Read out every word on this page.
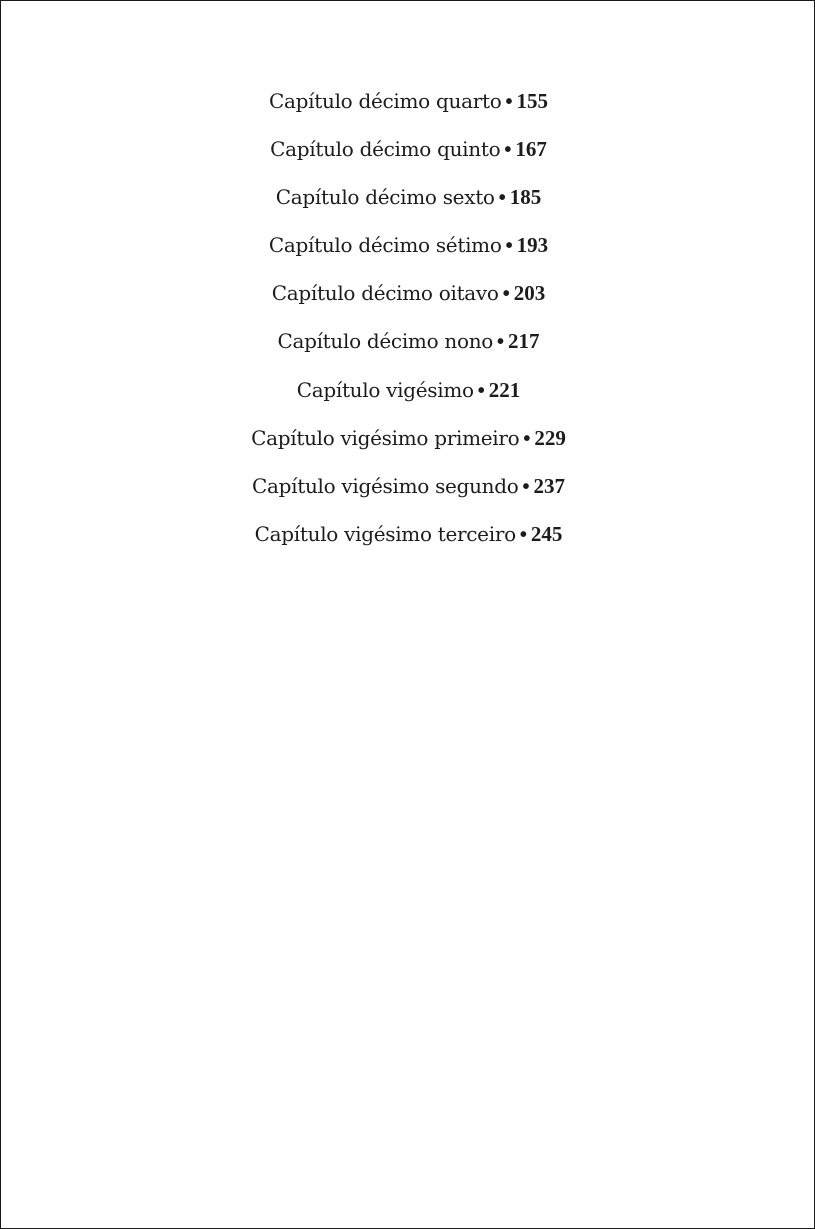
Capítulo décimo quarto • 155
Capítulo décimo quinto • 167
Capítulo décimo sexto • 185
Capítulo décimo sétimo • 193
Capítulo décimo oitavo • 203
Capítulo décimo nono • 217
Capítulo vigésimo • 221
Capítulo vigésimo primeiro • 229
Capítulo vigésimo segundo • 237
Capítulo vigésimo terceiro • 245
